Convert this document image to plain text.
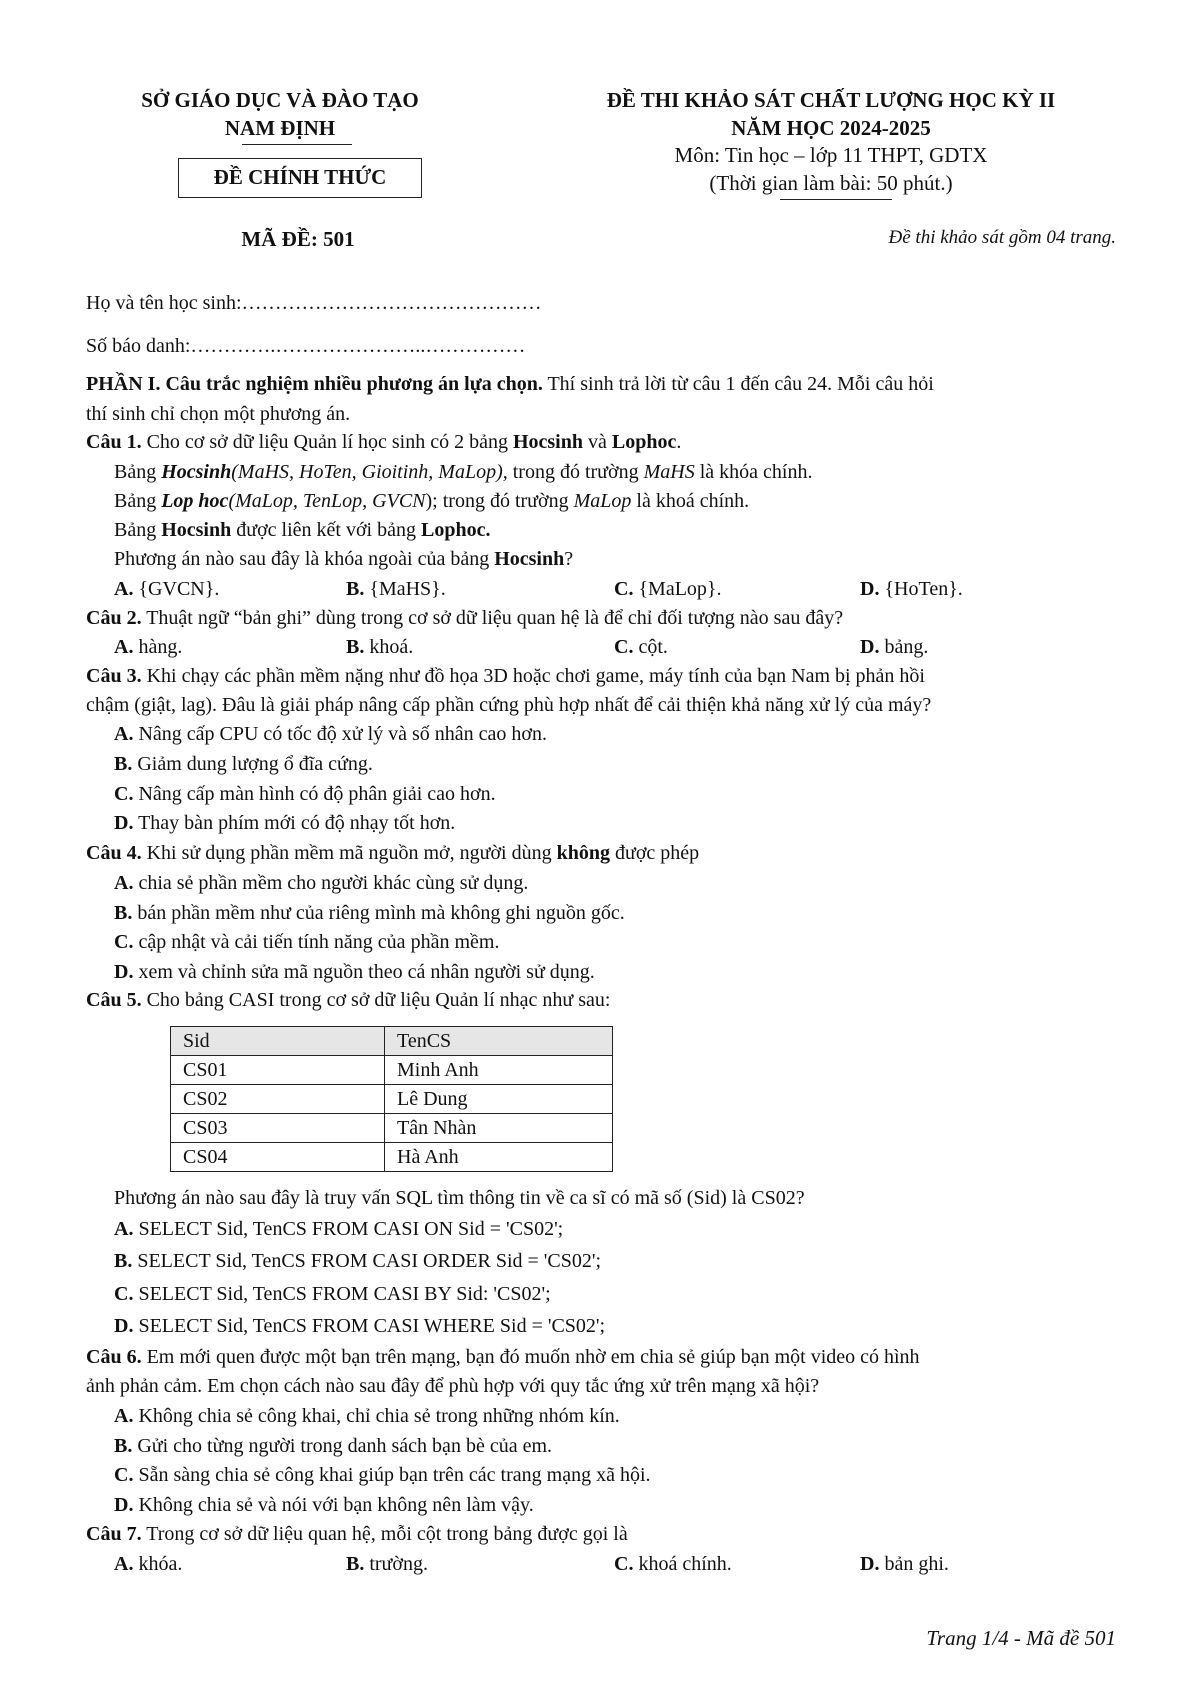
SỞ GIÁO DỤC VÀ ĐÀO TẠO
NAM ĐỊNH
ĐỀ CHÍNH THỨC
MÃ ĐỀ: 501
ĐỀ THI KHẢO SÁT CHẤT LƯỢNG HỌC KỲ II
NĂM HỌC 2024-2025
Môn: Tin học – lớp 11 THPT, GDTX
(Thời gian làm bài: 50 phút.)
Đề thi khảo sát gồm 04 trang.
Họ và tên học sinh:………………………………………
Số báo danh:………….…………………..……………
PHẦN I. Câu trắc nghiệm nhiều phương án lựa chọn. Thí sinh trả lời từ câu 1 đến câu 24. Mỗi câu hỏi
thí sinh chỉ chọn một phương án.
Câu 1. Cho cơ sở dữ liệu Quản lí học sinh có 2 bảng Hocsinh và Lophoc.
Bảng Hocsinh(MaHS, HoTen, Gioitinh, MaLop), trong đó trường MaHS là khóa chính.
Bảng Lop hoc(MaLop, TenLop, GVCN); trong đó trường MaLop là khoá chính.
Bảng Hocsinh được liên kết với bảng Lophoc.
Phương án nào sau đây là khóa ngoài của bảng Hocsinh?
A. {GVCN}.	B. {MaHS}.	C. {MaLop}.	D. {HoTen}.
Câu 2. Thuật ngữ “bản ghi” dùng trong cơ sở dữ liệu quan hệ là để chỉ đối tượng nào sau đây?
A. hàng.	B. khoá.	C. cột.	D. bảng.
Câu 3. Khi chạy các phần mềm nặng như đồ họa 3D hoặc chơi game, máy tính của bạn Nam bị phản hồi
chậm (giật, lag). Đâu là giải pháp nâng cấp phần cứng phù hợp nhất để cải thiện khả năng xử lý của máy?
A. Nâng cấp CPU có tốc độ xử lý và số nhân cao hơn.
B. Giảm dung lượng ổ đĩa cứng.
C. Nâng cấp màn hình có độ phân giải cao hơn.
D. Thay bàn phím mới có độ nhạy tốt hơn.
Câu 4. Khi sử dụng phần mềm mã nguồn mở, người dùng không được phép
A. chia sẻ phần mềm cho người khác cùng sử dụng.
B. bán phần mềm như của riêng mình mà không ghi nguồn gốc.
C. cập nhật và cải tiến tính năng của phần mềm.
D. xem và chỉnh sửa mã nguồn theo cá nhân người sử dụng.
Câu 5. Cho bảng CASI trong cơ sở dữ liệu Quản lí nhạc như sau:
Sid	TenCS
CS01	Minh Anh
CS02	Lê Dung
CS03	Tân Nhàn
CS04	Hà Anh
Phương án nào sau đây là truy vấn SQL tìm thông tin về ca sĩ có mã số (Sid) là CS02?
A. SELECT Sid, TenCS FROM CASI ON Sid = 'CS02';
B. SELECT Sid, TenCS FROM CASI ORDER Sid = 'CS02';
C. SELECT Sid, TenCS FROM CASI BY Sid: 'CS02';
D. SELECT Sid, TenCS FROM CASI WHERE Sid = 'CS02';
Câu 6. Em mới quen được một bạn trên mạng, bạn đó muốn nhờ em chia sẻ giúp bạn một video có hình
ảnh phản cảm. Em chọn cách nào sau đây để phù hợp với quy tắc ứng xử trên mạng xã hội?
A. Không chia sẻ công khai, chỉ chia sẻ trong những nhóm kín.
B. Gửi cho từng người trong danh sách bạn bè của em.
C. Sẵn sàng chia sẻ công khai giúp bạn trên các trang mạng xã hội.
D. Không chia sẻ và nói với bạn không nên làm vậy.
Câu 7. Trong cơ sở dữ liệu quan hệ, mỗi cột trong bảng được gọi là
A. khóa.	B. trường.	C. khoá chính.	D. bản ghi.
Trang 1/4 - Mã đề 501
